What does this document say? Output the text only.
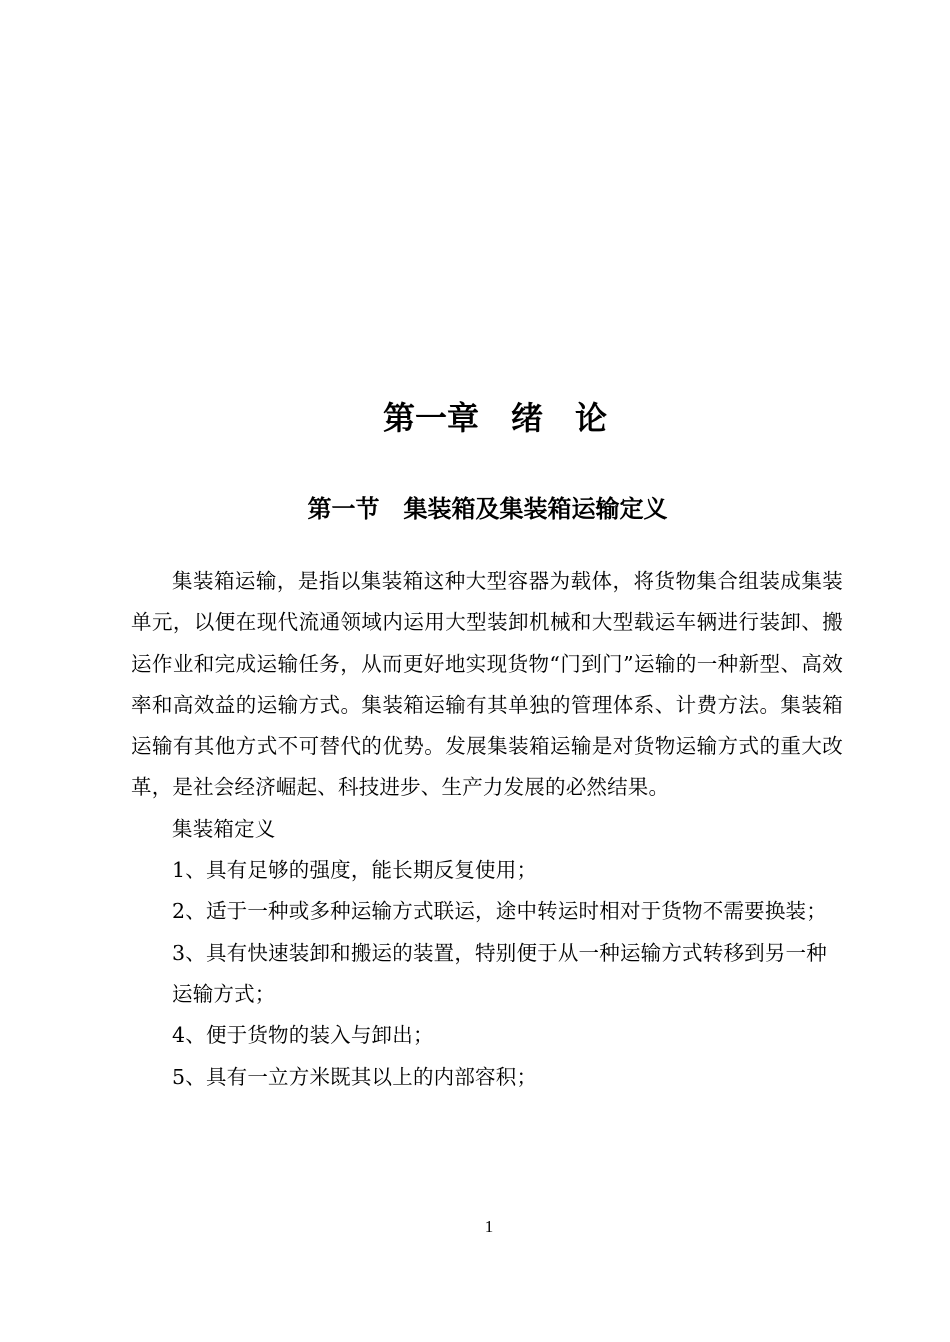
第一章　绪　论
第一节　集装箱及集装箱运输定义

集装箱运输，是指以集装箱这种大型容器为载体，将货物集合组装成集装单元，以便在现代流通领域内运用大型装卸机械和大型载运车辆进行装卸、搬运作业和完成运输任务，从而更好地实现货物“门到门”运输的一种新型、高效率和高效益的运输方式。集装箱运输有其单独的管理体系、计费方法。集装箱运输有其他方式不可替代的优势。发展集装箱运输是对货物运输方式的重大改革，是社会经济崛起、科技进步、生产力发展的必然结果。

集装箱定义

1、具有足够的强度，能长期反复使用；

2、适于一种或多种运输方式联运，途中转运时相对于货物不需要换装；

3、具有快速装卸和搬运的装置，特别便于从一种运输方式转移到另一种运输方式；

4、便于货物的装入与卸出；

5、具有一立方米既其以上的内部容积；

1
